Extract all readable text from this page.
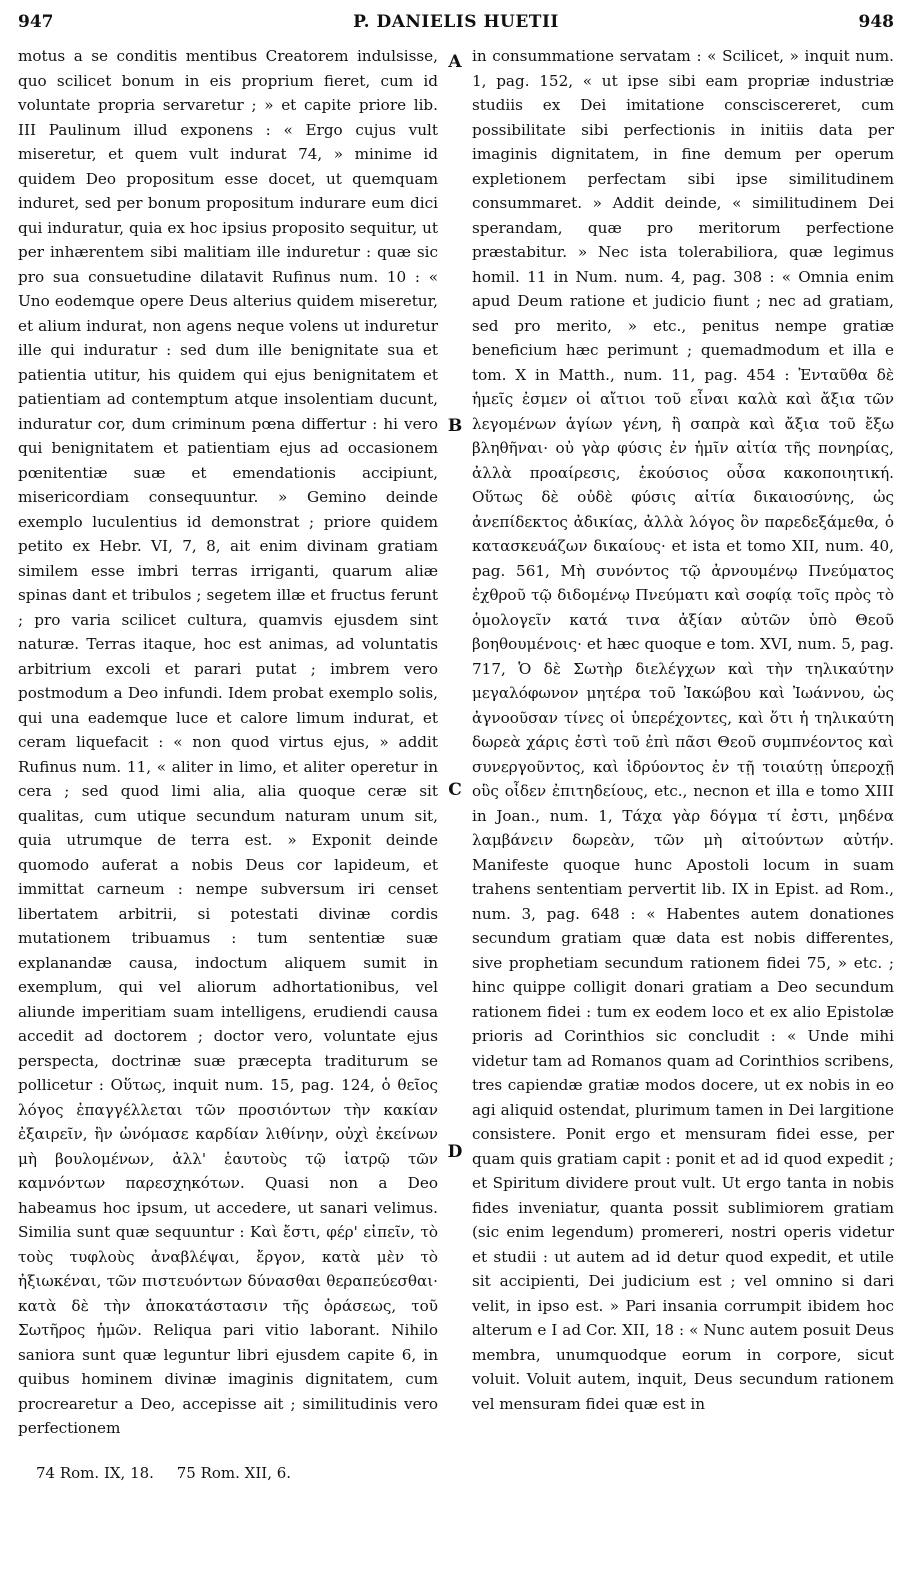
947	P. DANIELIS HUETII	948

motus a se conditis mentibus Creatorem indulsisse, quo scilicet bonum in eis proprium fieret, cum id voluntate propria servaretur ; » et capite priore lib. III Paulinum illud exponens : « Ergo cujus vult miseretur, et quem vult indurat 74, » minime id quidem Deo propositum esse docet, ut quemquam induret, sed per bonum propositum indurare eum dici qui induratur, quia ex hoc ipsius proposito sequitur, ut per inhærentem sibi malitiam ille induretur : quæ sic pro sua consuetudine dilatavit Rufinus num. 10 : « Uno eodemque opere Deus alterius quidem miseretur, et alium indurat, non agens neque volens ut induretur ille qui induratur : sed dum ille benignitate sua et patientia utitur, his quidem qui ejus benignitatem et patientiam ad contemptum atque insolentiam ducunt, induratur cor, dum criminum pœna differtur : hi vero qui benignitatem et patientiam ejus ad occasionem pœnitentiæ suæ et emendationis accipiunt, misericordiam consequuntur. » Gemino deinde exemplo luculentius id demonstrat ; priore quidem petito ex Hebr. VI, 7, 8, ait enim divinam gratiam similem esse imbri terras irriganti, quarum aliæ spinas dant et tribulos ; segetem illæ et fructus ferunt ; pro varia scilicet cultura, quamvis ejusdem sint naturæ. Terras itaque, hoc est animas, ad voluntatis arbitrium excoli et parari putat ; imbrem vero postmodum a Deo infundi. Idem probat exemplo solis, qui una eademque luce et calore limum indurat, et ceram liquefacit : « non quod virtus ejus, » addit Rufinus num. 11, « aliter in limo, et aliter operetur in cera ; sed quod limi alia, alia quoque ceræ sit qualitas, cum utique secundum naturam unum sit, quia utrumque de terra est. » Exponit deinde quomodo auferat a nobis Deus cor lapideum, et immittat carneum : nempe subversum iri censet libertatem arbitrii, si potestati divinæ cordis mutationem tribuamus : tum sententiæ suæ explanandæ causa, indoctum aliquem sumit in exemplum, qui vel aliorum adhortationibus, vel aliunde imperitiam suam intelligens, erudiendi causa accedit ad doctorem ; doctor vero, voluntate ejus perspecta, doctrinæ suæ præcepta traditurum se pollicetur : Οὕτως, inquit num. 15, pag. 124, ὁ θεῖος λόγος ἐπαγγέλλεται τῶν προσιόντων τὴν κακίαν ἐξαιρεῖν, ἣν ὠνόμασε καρδίαν λιθίνην, οὐχὶ ἐκείνων μὴ βουλομένων, ἀλλ' ἑαυτοὺς τῷ ἰατρῷ τῶν καμνόντων παρεσχηκότων. Quasi non a Deo habeamus hoc ipsum, ut accedere, ut sanari velimus. Similia sunt quæ sequuntur : Καὶ ἔστι, φέρ' εἰπεῖν, τὸ τοὺς τυφλοὺς ἀναβλέψαι, ἔργον, κατὰ μὲν τὸ ἠξιωκέναι, τῶν πιστευόντων δύνασθαι θεραπεύεσθαι· κατὰ δὲ τὴν ἀποκατάστασιν τῆς ὁράσεως, τοῦ Σωτῆρος ἡμῶν. Reliqua pari vitio laborant. Nihilo saniora sunt quæ leguntur libri ejusdem capite 6, in quibus hominem divinæ imaginis dignitatem, cum procrearetur a Deo, accepisse ait ; similitudinis vero perfectionem

A
B
C
D

in consummatione servatam : « Scilicet, » inquit num. 1, pag. 152, « ut ipse sibi eam propriæ industriæ studiis ex Dei imitatione consciscereret, cum possibilitate sibi perfectionis in initiis data per imaginis dignitatem, in fine demum per operum expletionem perfectam sibi ipse similitudinem consummaret. » Addit deinde, « similitudinem Dei sperandam, quæ pro meritorum perfectione præstabitur. » Nec ista tolerabiliora, quæ legimus homil. 11 in Num. num. 4, pag. 308 : « Omnia enim apud Deum ratione et judicio fiunt ; nec ad gratiam, sed pro merito, » etc., penitus nempe gratiæ beneficium hæc perimunt ; quemadmodum et illa e tom. X in Matth., num. 11, pag. 454 : Ἐνταῦθα δὲ ἡμεῖς ἐσμεν οἱ αἴτιοι τοῦ εἶναι καλὰ καὶ ἄξια τῶν λεγομένων ἁγίων γένη, ἢ σαπρὰ καὶ ἄξια τοῦ ἔξω βληθῆναι· οὐ γὰρ φύσις ἐν ἡμῖν αἰτία τῆς πονηρίας, ἀλλὰ προαίρεσις, ἑκούσιος οὖσα κακοποιητική. Οὕτως δὲ οὐδὲ φύσις αἰτία δικαιοσύνης, ὡς ἀνεπίδεκτος ἀδικίας, ἀλλὰ λόγος ὃν παρεδεξάμεθα, ὁ κατασκευάζων δικαίους· et ista et tomo XII, num. 40, pag. 561, Μὴ συνόντος τῷ ἀρνουμένῳ Πνεύματος ἐχθροῦ τῷ διδομένῳ Πνεύματι καὶ σοφίᾳ τοῖς πρὸς τὸ ὁμολογεῖν κατά τινα ἀξίαν αὐτῶν ὑπὸ Θεοῦ βοηθουμένοις· et hæc quoque e tom. XVI, num. 5, pag. 717, Ὁ δὲ Σωτὴρ διελέγχων καὶ τὴν τηλικαύτην μεγαλόφωνον μητέρα τοῦ Ἰακώβου καὶ Ἰωάννου, ὡς ἀγνοοῦσαν τίνες οἱ ὑπερέχοντες, καὶ ὅτι ἡ τηλικαύτη δωρεὰ χάρις ἐστὶ τοῦ ἐπὶ πᾶσι Θεοῦ συμπνέοντος καὶ συνεργοῦντος, καὶ ἱδρύοντος ἐν τῇ τοιαύτῃ ὑπεροχῇ οὓς οἶδεν ἐπιτηδείους, etc., necnon et illa e tomo XIII in Joan., num. 1, Τάχα γὰρ δόγμα τί ἐστι, μηδένα λαμβάνειν δωρεὰν, τῶν μὴ αἰτούντων αὐτήν. Manifeste quoque hunc Apostoli locum in suam trahens sententiam pervertit lib. IX in Epist. ad Rom., num. 3, pag. 648 : « Habentes autem donationes secundum gratiam quæ data est nobis differentes, sive prophetiam secundum rationem fidei 75, » etc. ; hinc quippe colligit donari gratiam a Deo secundum rationem fidei : tum ex eodem loco et ex alio Epistolæ prioris ad Corinthios sic concludit : « Unde mihi videtur tam ad Romanos quam ad Corinthios scribens, tres capiendæ gratiæ modos docere, ut ex nobis in eo agi aliquid ostendat, plurimum tamen in Dei largitione consistere. Ponit ergo et mensuram fidei esse, per quam quis gratiam capit : ponit et ad id quod expedit ; et Spiritum dividere prout vult. Ut ergo tanta in nobis fides inveniatur, quanta possit sublimiorem gratiam (sic enim legendum) promereri, nostri operis videtur et studii : ut autem ad id detur quod expedit, et utile sit accipienti, Dei judicium est ; vel omnino si dari velit, in ipso est. » Pari insania corrumpit ibidem hoc alterum e I ad Cor. XII, 18 : « Nunc autem posuit Deus membra, unumquodque eorum in corpore, sicut voluit. Voluit autem, inquit, Deus secundum rationem vel mensuram fidei quæ est in

74 Rom. IX, 18. 75 Rom. XII, 6.
